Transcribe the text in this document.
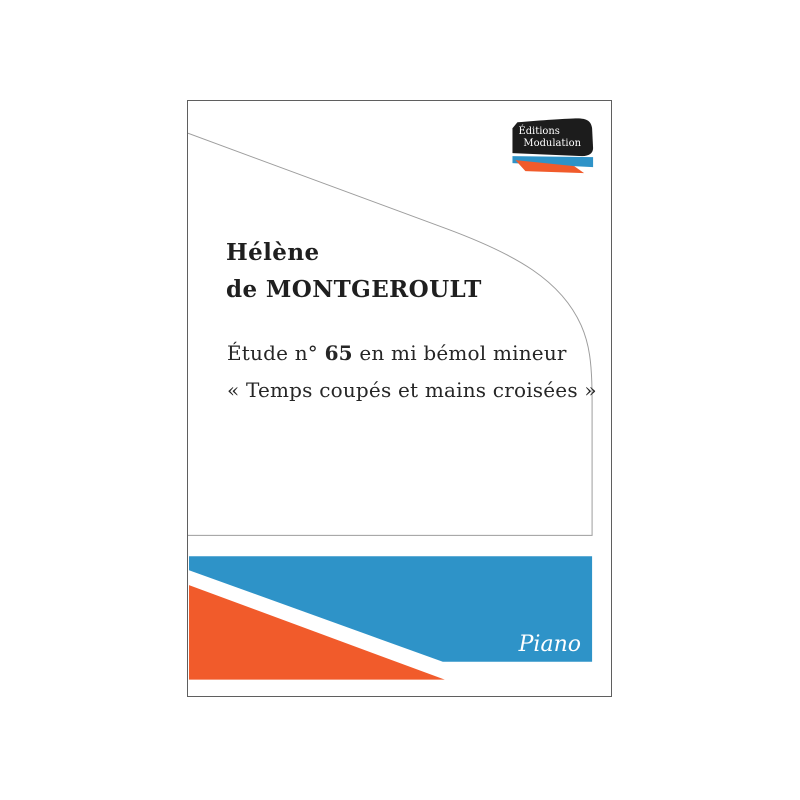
Éditions
Modulation
Hélène
de MONTGEROULT
Étude n° 65 en mi bémol mineur
« Temps coupés et mains croisées »
Piano
